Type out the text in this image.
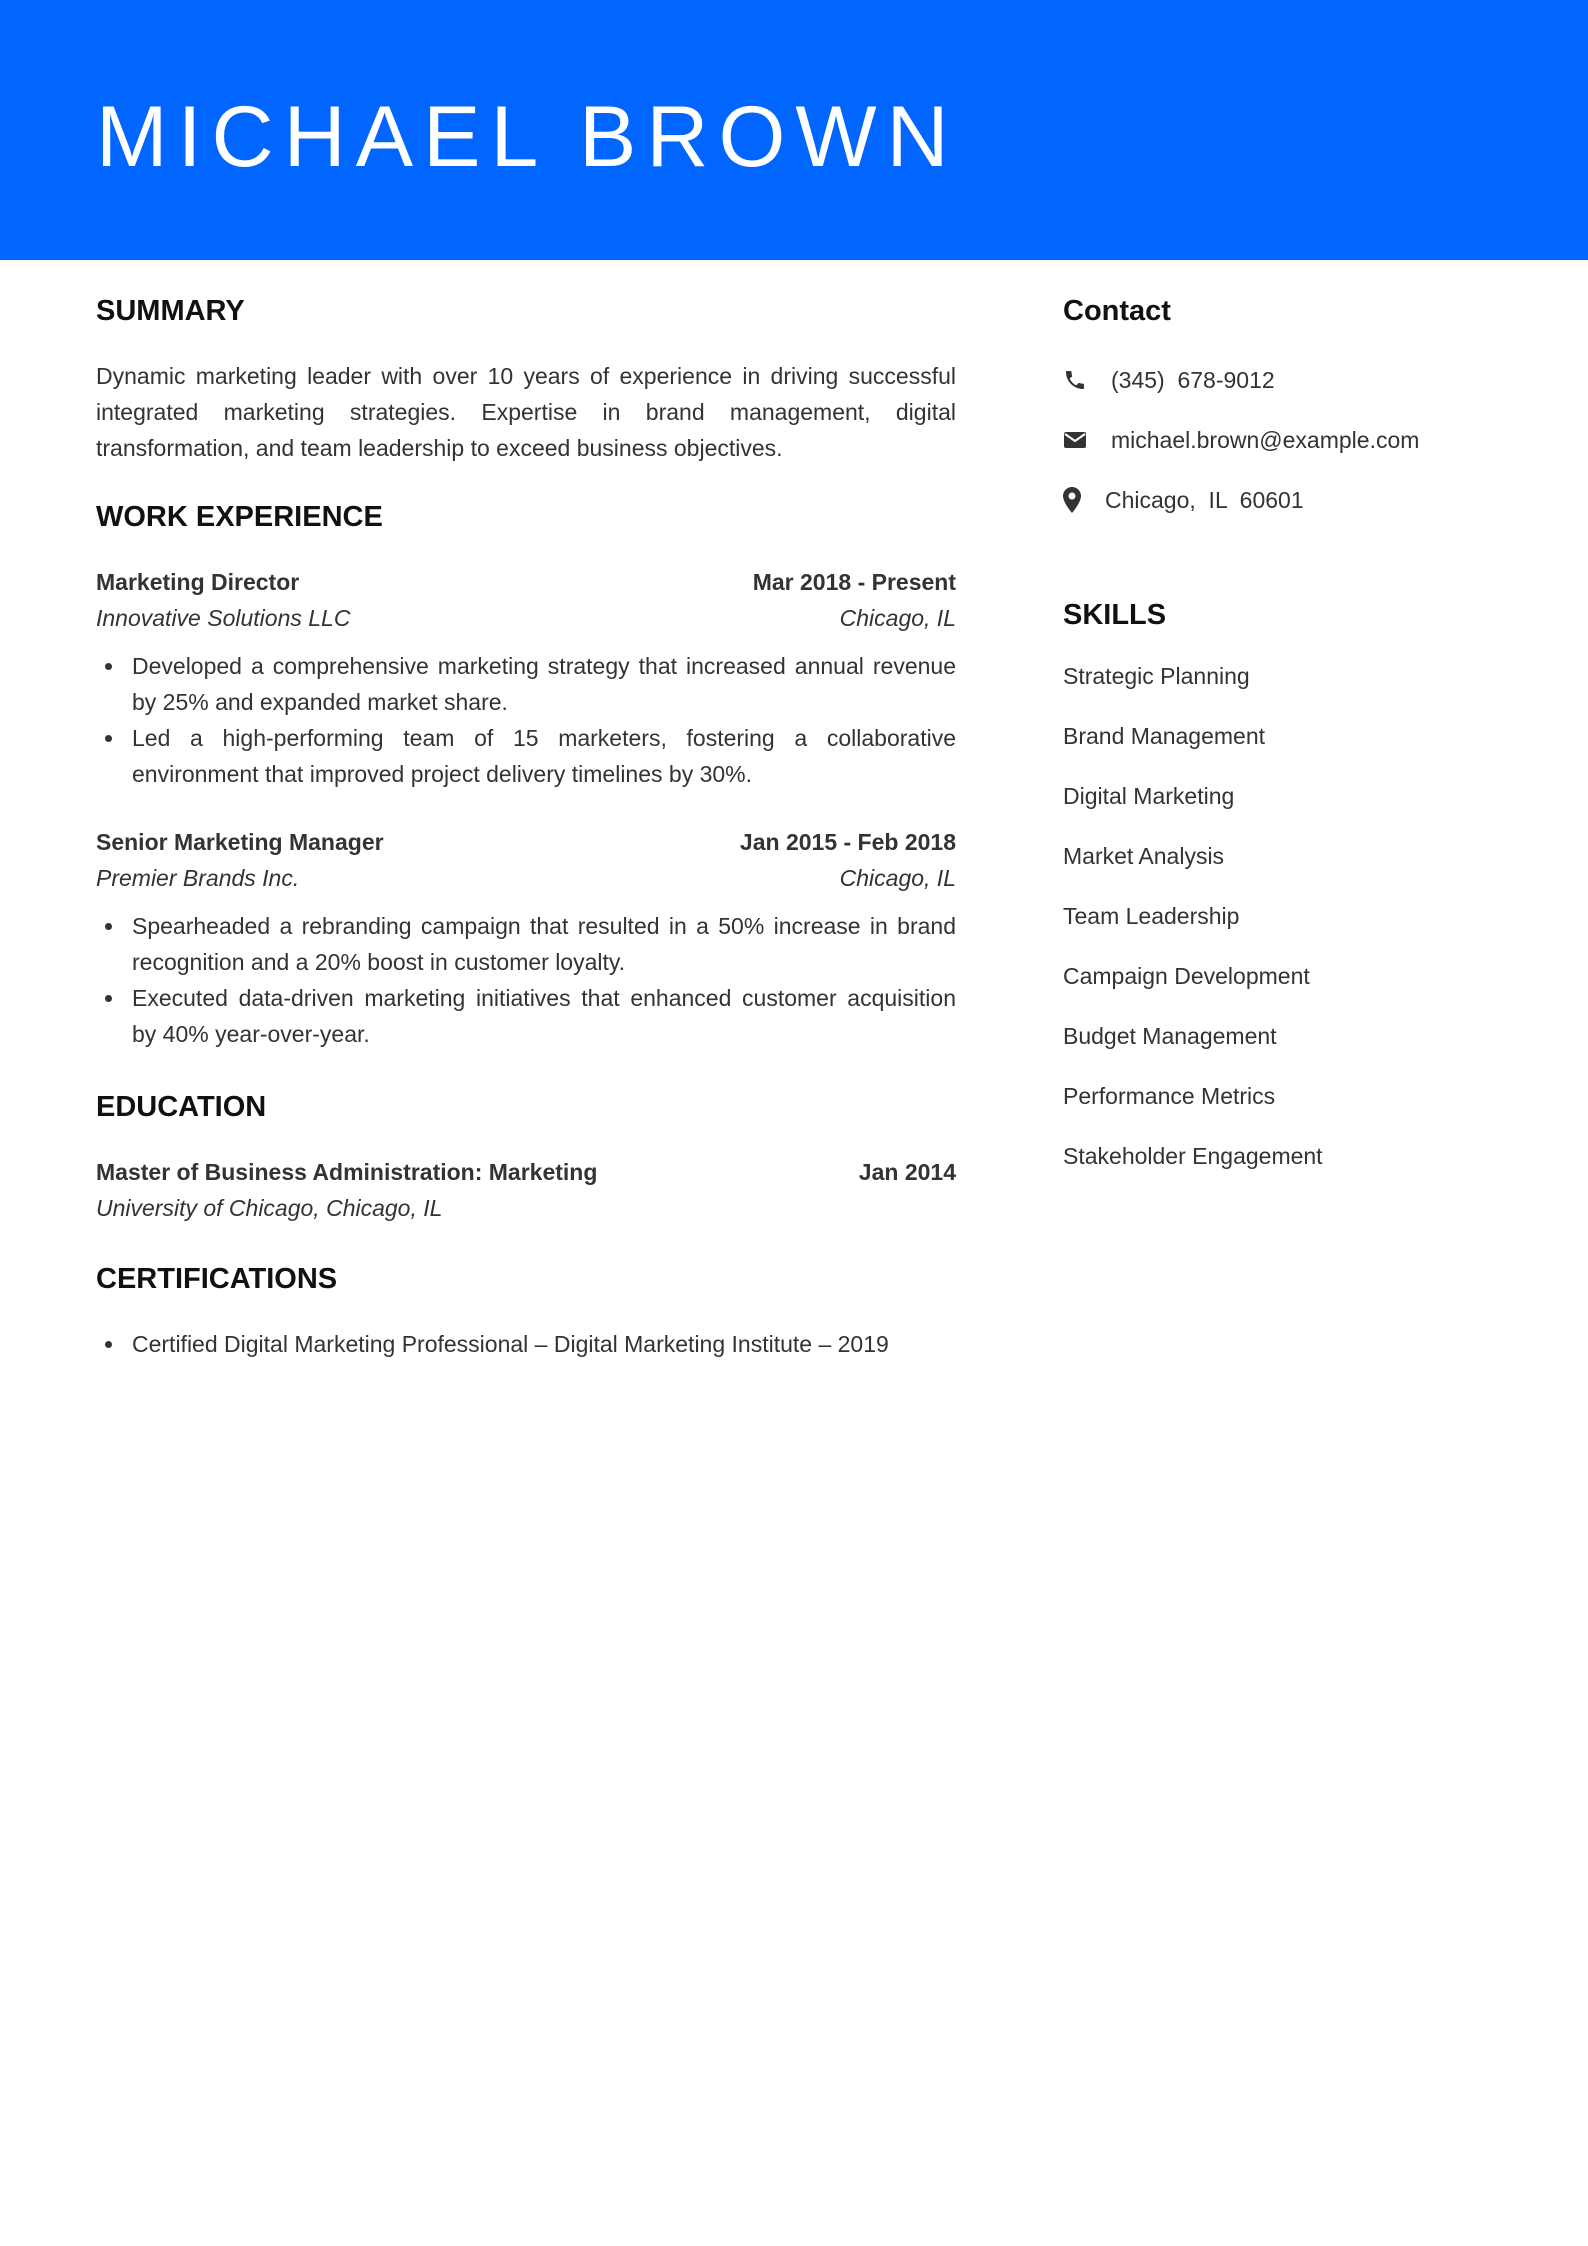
MICHAEL BROWN
SUMMARY

Dynamic marketing leader with over 10 years of experience in driving successful integrated marketing strategies. Expertise in brand management, digital transformation, and team leadership to exceed business objectives.

WORK EXPERIENCE
Marketing Director	Mar 2018 - Present
Innovative Solutions LLC	Chicago, IL
Developed a comprehensive marketing strategy that increased annual revenue by 25% and expanded market share.
Led a high-performing team of 15 marketers, fostering a collaborative environment that improved project delivery timelines by 30%.
Senior Marketing Manager	Jan 2015 - Feb 2018
Premier Brands Inc.	Chicago, IL
Spearheaded a rebranding campaign that resulted in a 50% increase in brand recognition and a 20% boost in customer loyalty.
Executed data-driven marketing initiatives that enhanced customer acquisition by 40% year-over-year.
EDUCATION
Master of Business Administration: Marketing	Jan 2014
University of Chicago, Chicago, IL
CERTIFICATIONS
Certified Digital Marketing Professional – Digital Marketing Institute – 2019
Contact
(345)  678-9012
michael.brown@example.com
Chicago,  IL  60601
SKILLS
Strategic Planning
Brand Management
Digital Marketing
Market Analysis
Team Leadership
Campaign Development
Budget Management
Performance Metrics
Stakeholder Engagement
